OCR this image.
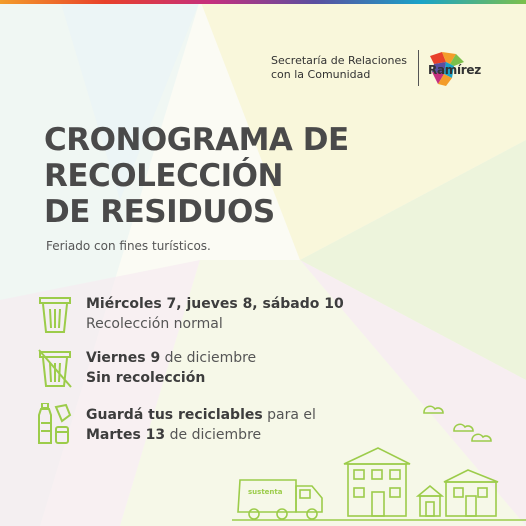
Secretaría de Relaciones
con la Comunidad	Ramírez
CRONOGRAMA DE
RECOLECCIÓN
DE RESIDUOS
Feriado con fines turísticos.
Miércoles 7, jueves 8, sábado 10
Recolección normal
Viernes 9 de diciembre
Sin recolección
Guardá tus reciclables para el
Martes 13 de diciembre
sustenta
